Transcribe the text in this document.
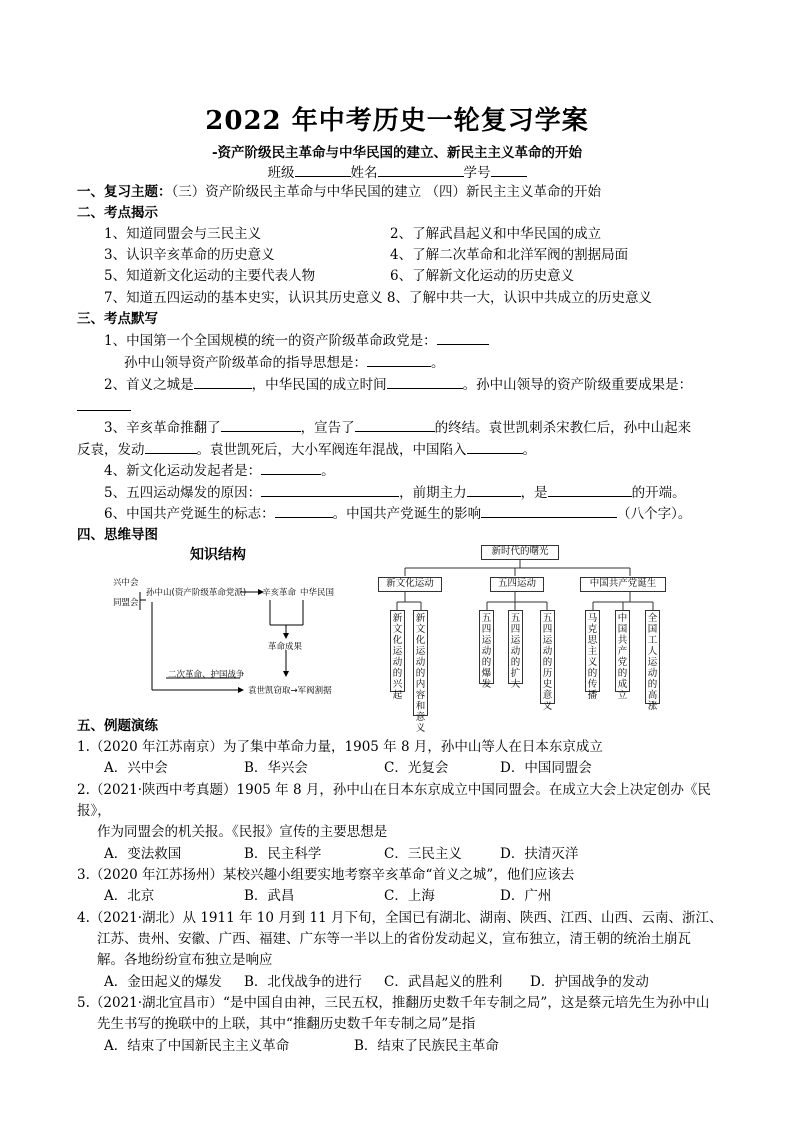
2022 年中考历史一轮复习学案
-资产阶级民主革命与中华民国的建立、新民主主义革命的开始
班级	姓名	学号
一、复习主题：（三）资产阶级民主革命与中华民国的建立 （四）新民主主义革命的开始
二、考点揭示
1、知道同盟会与三民主义	2、了解武昌起义和中华民国的成立
3、认识辛亥革命的历史意义	4、了解二次革命和北洋军阀的割据局面
5、知道新文化运动的主要代表人物	6、了解新文化运动的历史意义
7、知道五四运动的基本史实，认识其历史意义 8、了解中共一大，认识中共成立的历史意义
三、考点默写
1、中国第一个全国规模的统一的资产阶级革命政党是：
孙中山领导资产阶级革命的指导思想是：	。
2、首义之城是	，中华民国的成立时间	。孙中山领导的资产阶级重要成果是：
3、辛亥革命推翻了	，宣告了	的终结。袁世凯刺杀宋教仁后，孙中山起来
反袁，发动	。袁世凯死后，大小军阀连年混战，中国陷入	。
4、新文化运动发起者是：	。
5、五四运动爆发的原因：	，前期主力	，是	的开端。
6、中国共产党诞生的标志：	。中国共产党诞生的影响	（八个字）。
四、思维导图
知识结构
兴中会
同盟会
孙中山(资产阶级革命党派) 辛亥革命 中华民国
革命成果
二次革命、护国战争
袁世凯窃取→军阀割据
新时代的曙光
新文化运动	五四运动	中国共产党诞生
新文化运动的兴起
新文化运动的内容和意义
五四运动的爆发
五四运动的扩大
五四运动的历史意义
马克思主义的传播
中国共产党的成立
全国工人运动的高涨
五、例题演练
1.（2020 年江苏南京）为了集中革命力量，1905 年 8 月，孙中山等人在日本东京成立
A．兴中会	B．华兴会	C．光复会	D．中国同盟会
2.（2021·陕西中考真题）1905 年 8 月，孙中山在日本东京成立中国同盟会。在成立大会上决定创办《民
报》，
作为同盟会的机关报。《民报》宣传的主要思想是
A．变法救国	B．民主科学	C．三民主义	D．扶清灭洋
3.（2020 年江苏扬州）某校兴趣小组要实地考察辛亥革命“首义之城”，他们应该去
A．北京	B．武昌	C．上海	D．广州
4.（2021·湖北）从 1911 年 10 月到 11 月下旬，全国已有湖北、湖南、陕西、江西、山西、云南、浙江、
江苏、贵州、安徽、广西、福建、广东等一半以上的省份发动起义，宣布独立，清王朝的统治土崩瓦
解。各地纷纷宣布独立是响应
A．金田起义的爆发 B．北伐战争的进行 C．武昌起义的胜利 D．护国战争的发动
5.（2021·湖北宜昌市）“是中国自由神，三民五权，推翻历史数千年专制之局”，这是蔡元培先生为孙中山
先生书写的挽联中的上联，其中“推翻历史数千年专制之局”是指
A．结束了中国新民主主义革命	B．结束了民族民主革命
